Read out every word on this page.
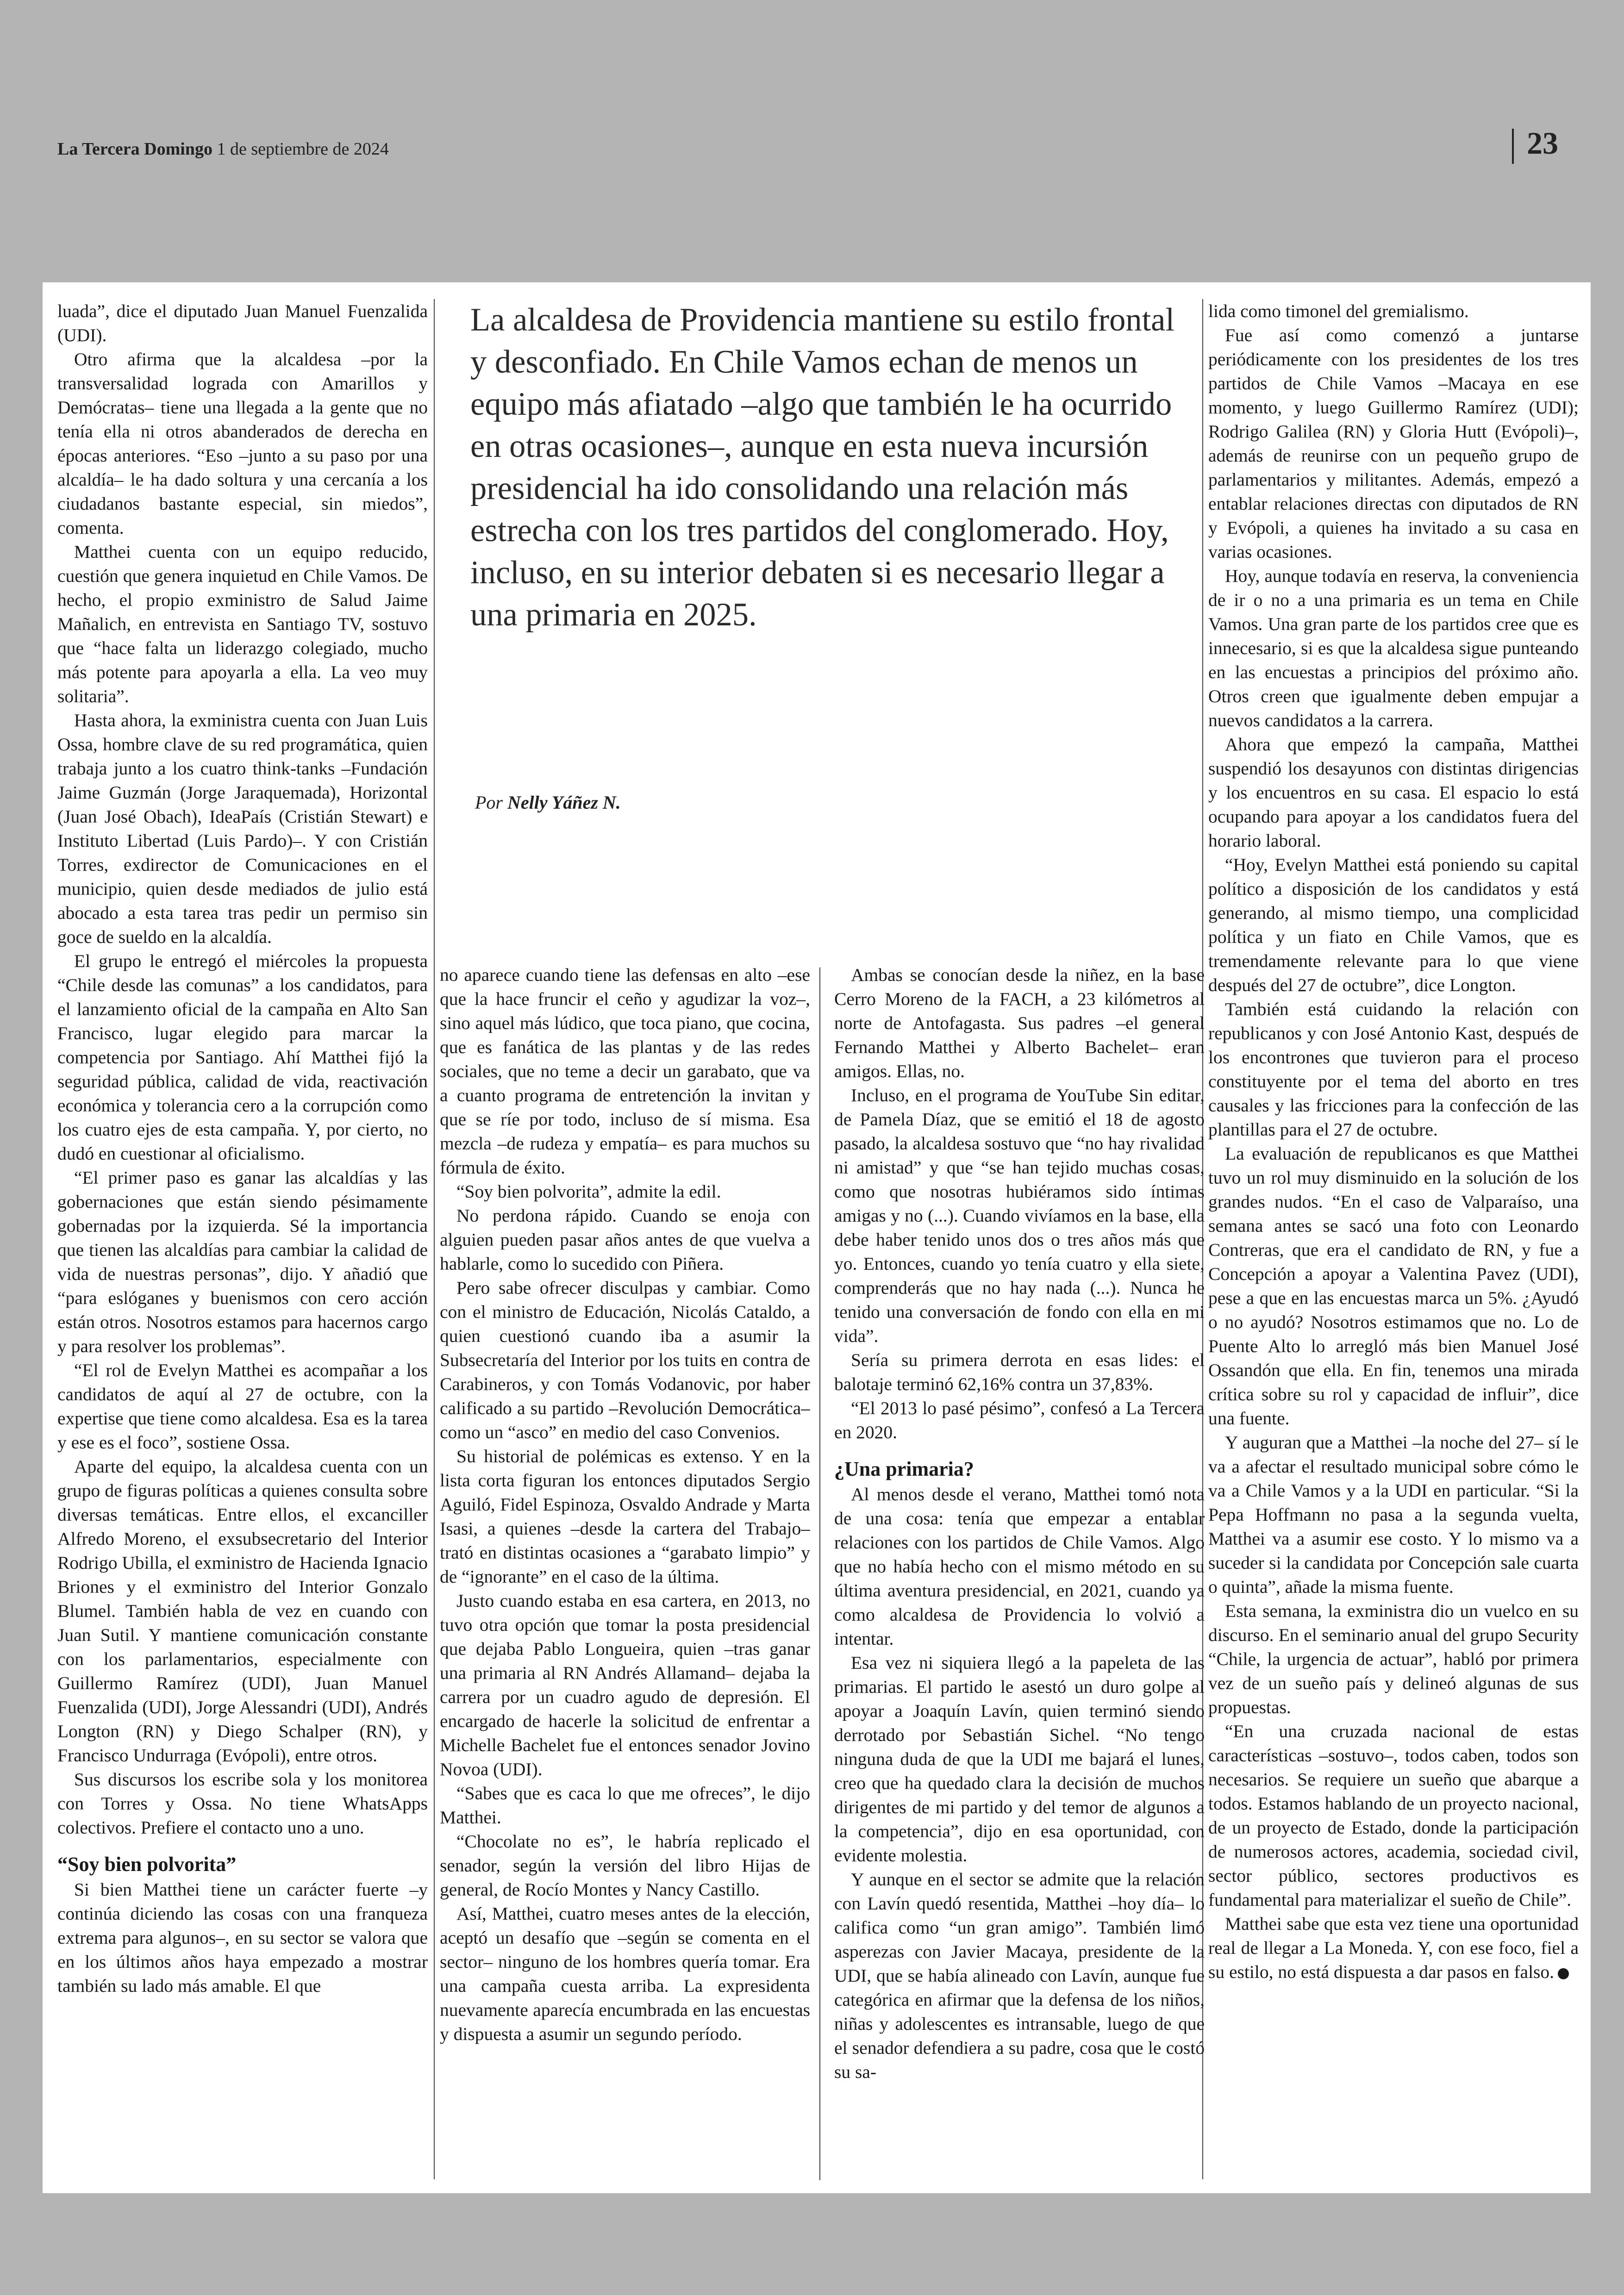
La Tercera Domingo 1 de septiembre de 2024	23
La alcaldesa de Providencia mantiene su estilo frontal y desconfiado. En Chile Vamos echan de menos un equipo más afiatado –algo que también le ha ocurrido en otras ocasiones–, aunque en esta nueva incursión presidencial ha ido consolidando una relación más estrecha con los tres partidos del conglomerado. Hoy, incluso, en su interior debaten si es necesario llegar a una primaria en 2025.
Por Nelly Yáñez N.

luada”, dice el diputado Juan Manuel Fuenzalida (UDI).

Otro afirma que la alcaldesa –por la transversalidad lograda con Amarillos y Demócratas– tiene una llegada a la gente que no tenía ella ni otros abanderados de derecha en épocas anteriores. “Eso –junto a su paso por una alcaldía– le ha dado soltura y una cercanía a los ciudadanos bastante especial, sin miedos”, comenta.

Matthei cuenta con un equipo reducido, cuestión que genera inquietud en Chile Vamos. De hecho, el propio exministro de Salud Jaime Mañalich, en entrevista en Santiago TV, sostuvo que “hace falta un liderazgo colegiado, mucho más potente para apoyarla a ella. La veo muy solitaria”.

Hasta ahora, la exministra cuenta con Juan Luis Ossa, hombre clave de su red programática, quien trabaja junto a los cuatro think-tanks –Fundación Jaime Guzmán (Jorge Jaraquemada), Horizontal (Juan José Obach), IdeaPaís (Cristián Stewart) e Instituto Libertad (Luis Pardo)–. Y con Cristián Torres, exdirector de Comunicaciones en el municipio, quien desde mediados de julio está abocado a esta tarea tras pedir un permiso sin goce de sueldo en la alcaldía.

El grupo le entregó el miércoles la propuesta “Chile desde las comunas” a los candidatos, para el lanzamiento oficial de la campaña en Alto San Francisco, lugar elegido para marcar la competencia por Santiago. Ahí Matthei fijó la seguridad pública, calidad de vida, reactivación económica y tolerancia cero a la corrupción como los cuatro ejes de esta campaña. Y, por cierto, no dudó en cuestionar al oficialismo.

“El primer paso es ganar las alcaldías y las gobernaciones que están siendo pésimamente gobernadas por la izquierda. Sé la importancia que tienen las alcaldías para cambiar la calidad de vida de nuestras personas”, dijo. Y añadió que “para eslóganes y buenismos con cero acción están otros. Nosotros estamos para hacernos cargo y para resolver los problemas”.

“El rol de Evelyn Matthei es acompañar a los candidatos de aquí al 27 de octubre, con la expertise que tiene como alcaldesa. Esa es la tarea y ese es el foco”, sostiene Ossa.

Aparte del equipo, la alcaldesa cuenta con un grupo de figuras políticas a quienes consulta sobre diversas temáticas. Entre ellos, el excanciller Alfredo Moreno, el exsubsecretario del Interior Rodrigo Ubilla, el exministro de Hacienda Ignacio Briones y el exministro del Interior Gonzalo Blumel. También habla de vez en cuando con Juan Sutil. Y mantiene comunicación constante con los parlamentarios, especialmente con Guillermo Ramírez (UDI), Juan Manuel Fuenzalida (UDI), Jorge Alessandri (UDI), Andrés Longton (RN) y Diego Schalper (RN), y Francisco Undurraga (Evópoli), entre otros.

Sus discursos los escribe sola y los monitorea con Torres y Ossa. No tiene WhatsApps colectivos. Prefiere el contacto uno a uno.

“Soy bien polvorita”

Si bien Matthei tiene un carácter fuerte –y continúa diciendo las cosas con una franqueza extrema para algunos–, en su sector se valora que en los últimos años haya empezado a mostrar también su lado más amable. El que

no aparece cuando tiene las defensas en alto –ese que la hace fruncir el ceño y agudizar la voz–, sino aquel más lúdico, que toca piano, que cocina, que es fanática de las plantas y de las redes sociales, que no teme a decir un garabato, que va a cuanto programa de entretención la invitan y que se ríe por todo, incluso de sí misma. Esa mezcla –de rudeza y empatía– es para muchos su fórmula de éxito.

“Soy bien polvorita”, admite la edil.

No perdona rápido. Cuando se enoja con alguien pueden pasar años antes de que vuelva a hablarle, como lo sucedido con Piñera.

Pero sabe ofrecer disculpas y cambiar. Como con el ministro de Educación, Nicolás Cataldo, a quien cuestionó cuando iba a asumir la Subsecretaría del Interior por los tuits en contra de Carabineros, y con Tomás Vodanovic, por haber calificado a su partido –Revolución Democrática– como un “asco” en medio del caso Convenios.

Su historial de polémicas es extenso. Y en la lista corta figuran los entonces diputados Sergio Aguiló, Fidel Espinoza, Osvaldo Andrade y Marta Isasi, a quienes –desde la cartera del Trabajo– trató en distintas ocasiones a “garabato limpio” y de “ignorante” en el caso de la última.

Justo cuando estaba en esa cartera, en 2013, no tuvo otra opción que tomar la posta presidencial que dejaba Pablo Longueira, quien –tras ganar una primaria al RN Andrés Allamand– dejaba la carrera por un cuadro agudo de depresión. El encargado de hacerle la solicitud de enfrentar a Michelle Bachelet fue el entonces senador Jovino Novoa (UDI).

“Sabes que es caca lo que me ofreces”, le dijo Matthei.

“Chocolate no es”, le habría replicado el senador, según la versión del libro Hijas de general, de Rocío Montes y Nancy Castillo.

Así, Matthei, cuatro meses antes de la elección, aceptó un desafío que –según se comenta en el sector– ninguno de los hombres quería tomar. Era una campaña cuesta arriba. La expresidenta nuevamente aparecía encumbrada en las encuestas y dispuesta a asumir un segundo período.

Ambas se conocían desde la niñez, en la base Cerro Moreno de la FACH, a 23 kilómetros al norte de Antofagasta. Sus padres –el general Fernando Matthei y Alberto Bachelet– eran amigos. Ellas, no.

Incluso, en el programa de YouTube Sin editar, de Pamela Díaz, que se emitió el 18 de agosto pasado, la alcaldesa sostuvo que “no hay rivalidad ni amistad” y que “se han tejido muchas cosas, como que nosotras hubiéramos sido íntimas amigas y no (...). Cuando vivíamos en la base, ella debe haber tenido unos dos o tres años más que yo. Entonces, cuando yo tenía cuatro y ella siete, comprenderás que no hay nada (...). Nunca he tenido una conversación de fondo con ella en mi vida”.

Sería su primera derrota en esas lides: el balotaje terminó 62,16% contra un 37,83%.

“El 2013 lo pasé pésimo”, confesó a La Tercera en 2020.

¿Una primaria?

Al menos desde el verano, Matthei tomó nota de una cosa: tenía que empezar a entablar relaciones con los partidos de Chile Vamos. Algo que no había hecho con el mismo método en su última aventura presidencial, en 2021, cuando ya como alcaldesa de Providencia lo volvió a intentar.

Esa vez ni siquiera llegó a la papeleta de las primarias. El partido le asestó un duro golpe al apoyar a Joaquín Lavín, quien terminó siendo derrotado por Sebastián Sichel. “No tengo ninguna duda de que la UDI me bajará el lunes, creo que ha quedado clara la decisión de muchos dirigentes de mi partido y del temor de algunos a la competencia”, dijo en esa oportunidad, con evidente molestia.

Y aunque en el sector se admite que la relación con Lavín quedó resentida, Matthei –hoy día– lo califica como “un gran amigo”. También limó asperezas con Javier Macaya, presidente de la UDI, que se había alineado con Lavín, aunque fue categórica en afirmar que la defensa de los niños, niñas y adolescentes es intransable, luego de que el senador defendiera a su padre, cosa que le costó su sa-

lida como timonel del gremialismo.

Fue así como comenzó a juntarse periódicamente con los presidentes de los tres partidos de Chile Vamos –Macaya en ese momento, y luego Guillermo Ramírez (UDI); Rodrigo Galilea (RN) y Gloria Hutt (Evópoli)–, además de reunirse con un pequeño grupo de parlamentarios y militantes. Además, empezó a entablar relaciones directas con diputados de RN y Evópoli, a quienes ha invitado a su casa en varias ocasiones.

Hoy, aunque todavía en reserva, la conveniencia de ir o no a una primaria es un tema en Chile Vamos. Una gran parte de los partidos cree que es innecesario, si es que la alcaldesa sigue punteando en las encuestas a principios del próximo año. Otros creen que igualmente deben empujar a nuevos candidatos a la carrera.

Ahora que empezó la campaña, Matthei suspendió los desayunos con distintas dirigencias y los encuentros en su casa. El espacio lo está ocupando para apoyar a los candidatos fuera del horario laboral.

“Hoy, Evelyn Matthei está poniendo su capital político a disposición de los candidatos y está generando, al mismo tiempo, una complicidad política y un fiato en Chile Vamos, que es tremendamente relevante para lo que viene después del 27 de octubre”, dice Longton.

También está cuidando la relación con republicanos y con José Antonio Kast, después de los encontrones que tuvieron para el proceso constituyente por el tema del aborto en tres causales y las fricciones para la confección de las plantillas para el 27 de octubre.

La evaluación de republicanos es que Matthei tuvo un rol muy disminuido en la solución de los grandes nudos. “En el caso de Valparaíso, una semana antes se sacó una foto con Leonardo Contreras, que era el candidato de RN, y fue a Concepción a apoyar a Valentina Pavez (UDI), pese a que en las encuestas marca un 5%. ¿Ayudó o no ayudó? Nosotros estimamos que no. Lo de Puente Alto lo arregló más bien Manuel José Ossandón que ella. En fin, tenemos una mirada crítica sobre su rol y capacidad de influir”, dice una fuente.

Y auguran que a Matthei –la noche del 27– sí le va a afectar el resultado municipal sobre cómo le va a Chile Vamos y a la UDI en particular. “Si la Pepa Hoffmann no pasa a la segunda vuelta, Matthei va a asumir ese costo. Y lo mismo va a suceder si la candidata por Concepción sale cuarta o quinta”, añade la misma fuente.

Esta semana, la exministra dio un vuelco en su discurso. En el seminario anual del grupo Security “Chile, la urgencia de actuar”, habló por primera vez de un sueño país y delineó algunas de sus propuestas.

“En una cruzada nacional de estas características –sostuvo–, todos caben, todos son necesarios. Se requiere un sueño que abarque a todos. Estamos hablando de un proyecto nacional, de un proyecto de Estado, donde la participación de numerosos actores, academia, sociedad civil, sector público, sectores productivos es fundamental para materializar el sueño de Chile”.

Matthei sabe que esta vez tiene una oportunidad real de llegar a La Moneda. Y, con ese foco, fiel a su estilo, no está dispuesta a dar pasos en falso.
